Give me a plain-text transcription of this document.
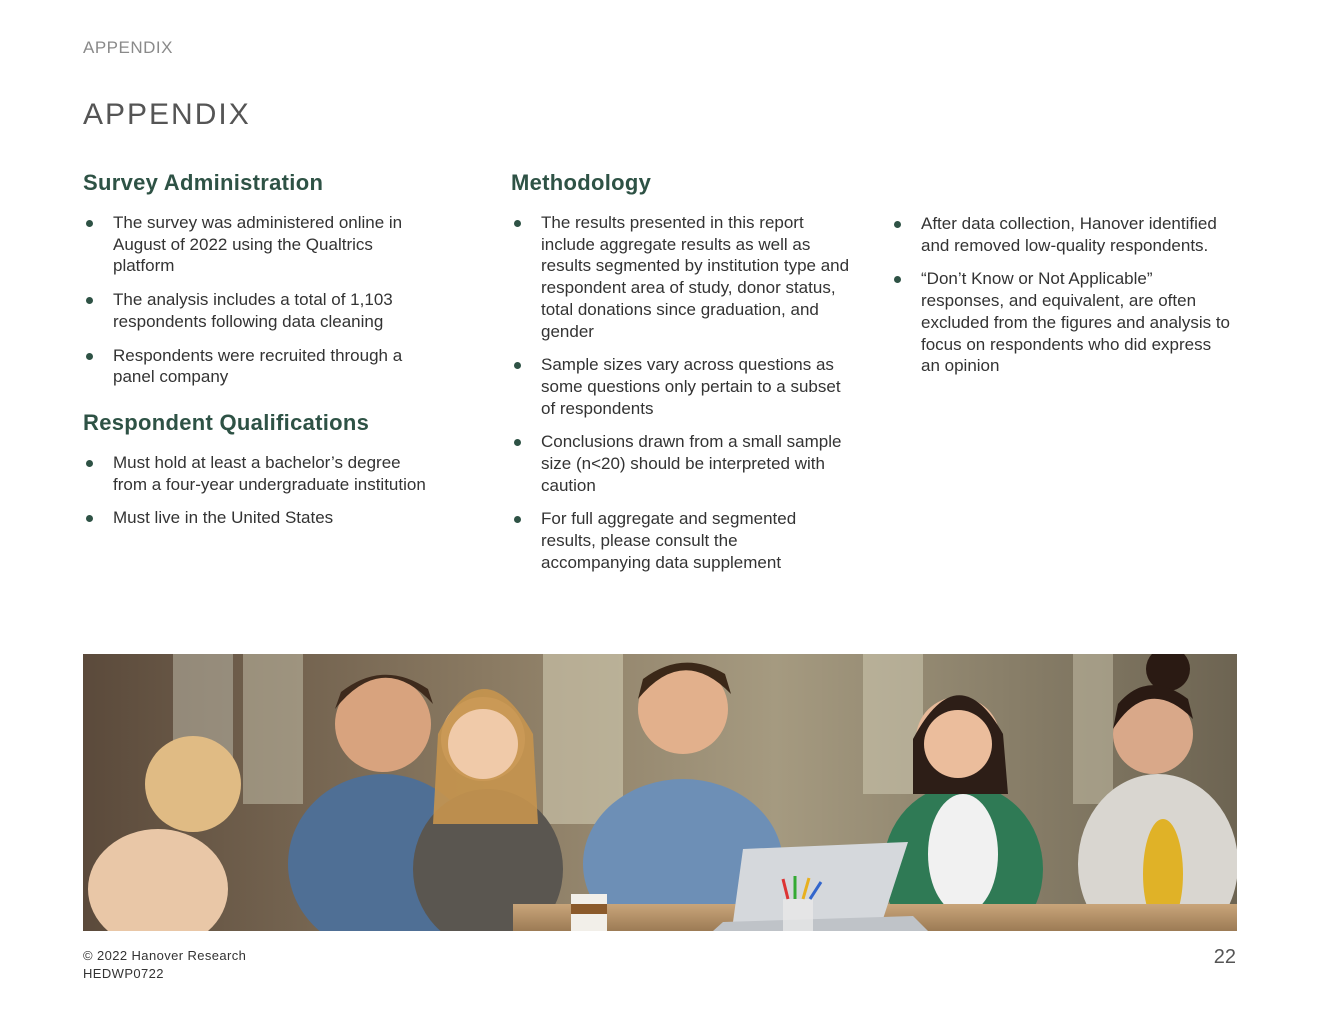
APPENDIX
APPENDIX
Survey Administration
The survey was administered online in August of 2022 using the Qualtrics platform
The analysis includes a total of 1,103 respondents following data cleaning
Respondents were recruited through a panel company
Respondent Qualifications
Must hold at least a bachelor’s degree from a four-year undergraduate institution
Must live in the United States
Methodology
The results presented in this report include aggregate results as well as results segmented by institution type and respondent area of study, donor status, total donations since graduation, and gender
Sample sizes vary across questions as some questions only pertain to a subset of respondents
Conclusions drawn from a small sample size (n<20) should be interpreted with caution
For full aggregate and segmented results, please consult the accompanying data supplement
After data collection, Hanover identified and removed low-quality respondents.
“Don’t Know or Not Applicable” responses, and equivalent, are often excluded from the figures and analysis to focus on respondents who did express an opinion
© 2022 Hanover Research
HEDWP0722
22
